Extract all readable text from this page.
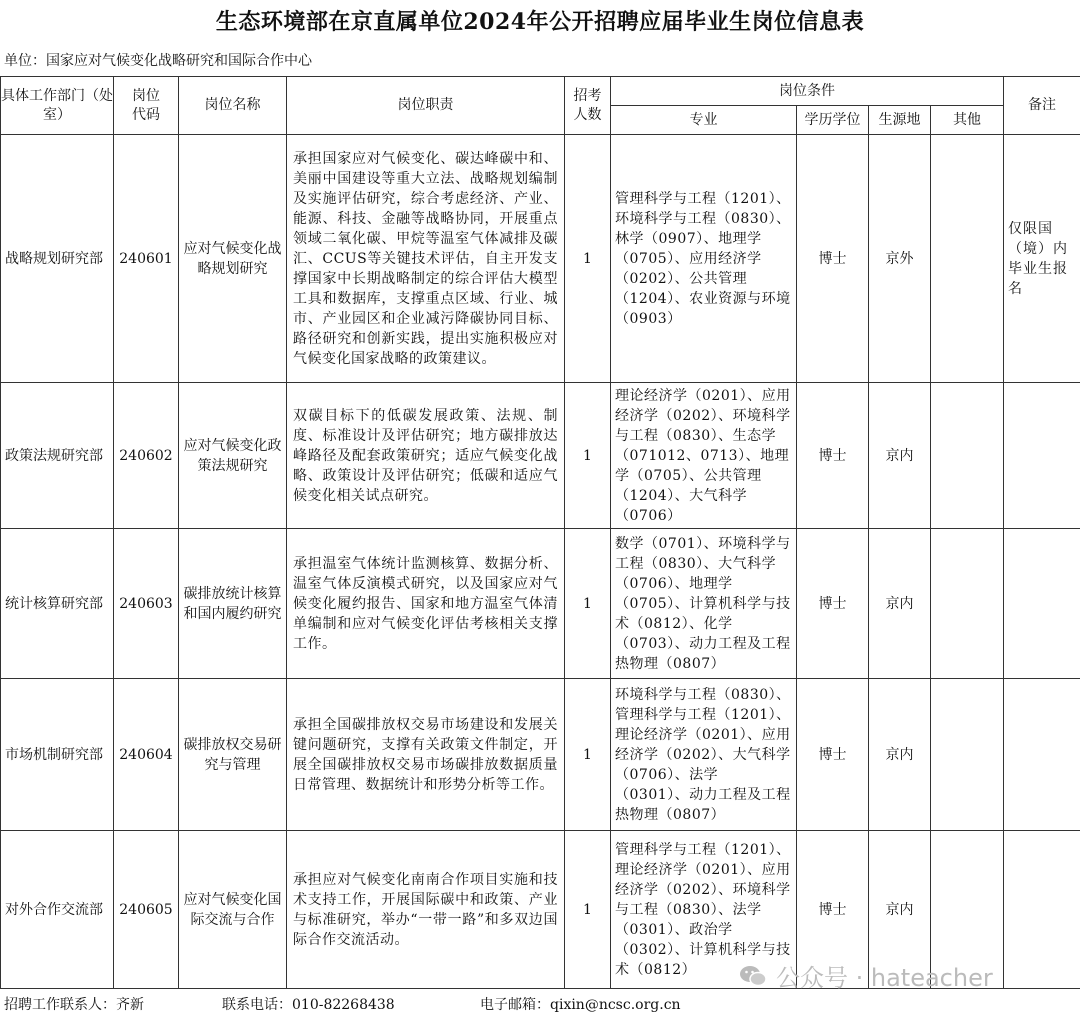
生态环境部在京直属单位2024年公开招聘应届毕业生岗位信息表
单位：国家应对气候变化战略研究和国际合作中心
具体工作部门（处室）	岗位代码	岗位名称	岗位职责	招考人数	岗位条件				备注
					专业	学历学位	生源地	其他	
战略规划研究部	240601	应对气候变化战略规划研究	承担国家应对气候变化、碳达峰碳中和、美丽中国建设等重大立法、战略规划编制及实施评估研究，综合考虑经济、产业、能源、科技、金融等战略协同，开展重点领域二氧化碳、甲烷等温室气体减排及碳汇、CCUS等关键技术评估，自主开发支撑国家中长期战略制定的综合评估大模型工具和数据库，支撑重点区域、行业、城市、产业园区和企业减污降碳协同目标、路径研究和创新实践，提出实施积极应对气候变化国家战略的政策建议。	1	管理科学与工程（1201）、环境科学与工程（0830）、林学（0907）、地理学（0705）、应用经济学（0202）、公共管理（1204）、农业资源与环境（0903）	博士	京外		仅限国（境）内毕业生报名
政策法规研究部	240602	应对气候变化政策法规研究	双碳目标下的低碳发展政策、法规、制度、标准设计及评估研究；地方碳排放达峰路径及配套政策研究；适应气候变化战略、政策设计及评估研究；低碳和适应气候变化相关试点研究。	1	理论经济学（0201）、应用经济学（0202）、环境科学与工程（0830）、生态学（071012、0713）、地理学（0705）、公共管理（1204）、大气科学（0706）	博士	京内		
统计核算研究部	240603	碳排放统计核算和国内履约研究	承担温室气体统计监测核算、数据分析、温室气体反演模式研究，以及国家应对气候变化履约报告、国家和地方温室气体清单编制和应对气候变化评估考核相关支撑工作。	1	数学（0701）、环境科学与工程（0830）、大气科学（0706）、地理学（0705）、计算机科学与技术（0812）、化学（0703）、动力工程及工程热物理（0807）	博士	京内		
市场机制研究部	240604	碳排放权交易研究与管理	承担全国碳排放权交易市场建设和发展关键问题研究，支撑有关政策文件制定，开展全国碳排放权交易市场碳排放数据质量日常管理、数据统计和形势分析等工作。	1	环境科学与工程（0830）、管理科学与工程（1201）、 理论经济学（0201）、应用经济学（0202）、大气科学（0706）、法学（0301）、动力工程及工程热物理（0807）	博士	京内		
对外合作交流部	240605	应对气候变化国际交流与合作	承担应对气候变化南南合作项目实施和技术支持工作，开展国际碳中和政策、产业与标准研究，举办“一带一路”和多双边国际合作交流活动。	1	管理科学与工程（1201）、理论经济学（0201）、应用经济学（0202）、环境科学与工程（0830）、法学（0301）、政治学（0302）、计算机科学与技术（0812）	博士	京内		
公众号 · hateacher
招聘工作联系人：齐新	联系电话：010-82268438	电子邮箱：qixin@ncsc.org.cn
